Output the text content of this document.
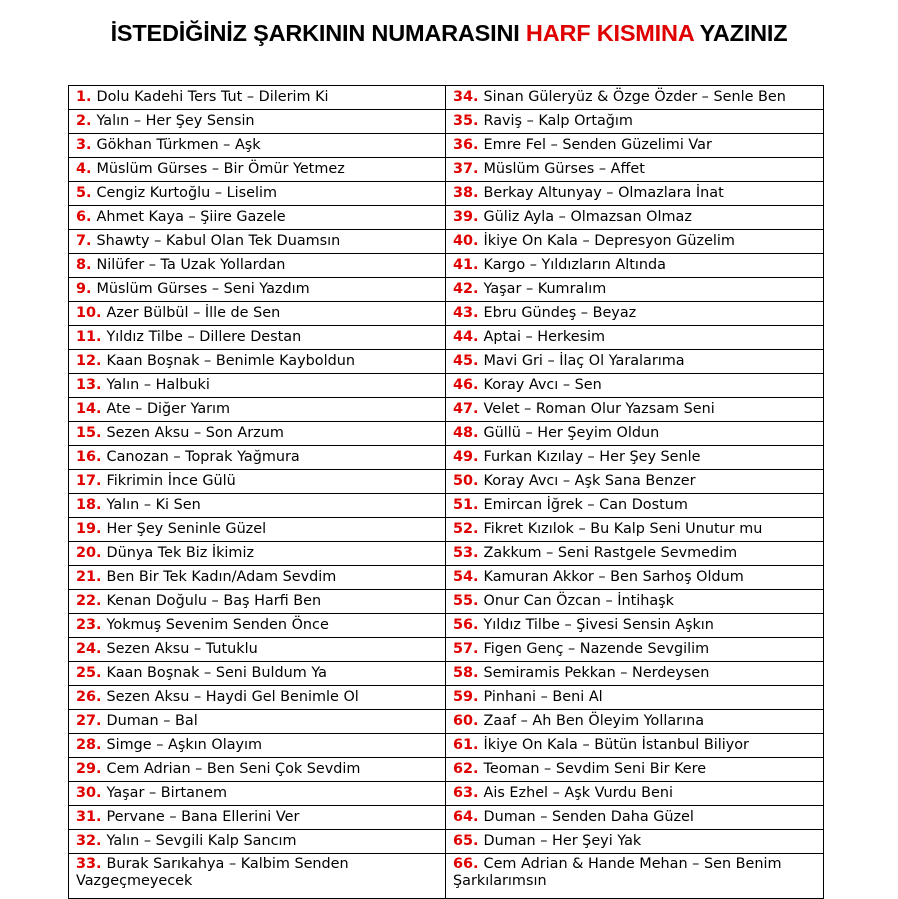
İSTEDİĞİNİZ ŞARKININ NUMARASINI HARF KISMINA YAZINIZ
1. Dolu Kadehi Ters Tut – Dilerim Ki	34. Sinan Güleryüz & Özge Özder – Senle Ben
2. Yalın – Her Şey Sensin	35. Raviş – Kalp Ortağım
3. Gökhan Türkmen – Aşk	36. Emre Fel – Senden Güzelimi Var
4. Müslüm Gürses – Bir Ömür Yetmez	37. Müslüm Gürses – Affet
5. Cengiz Kurtoğlu – Liselim	38. Berkay Altunyay – Olmazlara İnat
6. Ahmet Kaya – Şiire Gazele	39. Güliz Ayla – Olmazsan Olmaz
7. Shawty – Kabul Olan Tek Duamsın	40. İkiye On Kala – Depresyon Güzelim
8. Nilüfer – Ta Uzak Yollardan	41. Kargo – Yıldızların Altında
9. Müslüm Gürses – Seni Yazdım	42. Yaşar – Kumralım
10. Azer Bülbül – İlle de Sen	43. Ebru Gündeş – Beyaz
11. Yıldız Tilbe – Dillere Destan	44. Aptai – Herkesim
12. Kaan Boşnak – Benimle Kayboldun	45. Mavi Gri – İlaç Ol Yaralarıma
13. Yalın – Halbuki	46. Koray Avcı – Sen
14. Ate – Diğer Yarım	47. Velet – Roman Olur Yazsam Seni
15. Sezen Aksu – Son Arzum	48. Güllü – Her Şeyim Oldun
16. Canozan – Toprak Yağmura	49. Furkan Kızılay – Her Şey Senle
17. Fikrimin İnce Gülü	50. Koray Avcı – Aşk Sana Benzer
18. Yalın – Ki Sen	51. Emircan İğrek – Can Dostum
19. Her Şey Seninle Güzel	52. Fikret Kızılok – Bu Kalp Seni Unutur mu
20. Dünya Tek Biz İkimiz	53. Zakkum – Seni Rastgele Sevmedim
21. Ben Bir Tek Kadın/Adam Sevdim	54. Kamuran Akkor – Ben Sarhoş Oldum
22. Kenan Doğulu – Baş Harfi Ben	55. Onur Can Özcan – İntihaşk
23. Yokmuş Sevenim Senden Önce	56. Yıldız Tilbe – Şivesi Sensin Aşkın
24. Sezen Aksu – Tutuklu	57. Figen Genç – Nazende Sevgilim
25. Kaan Boşnak – Seni Buldum Ya	58. Semiramis Pekkan – Nerdeysen
26. Sezen Aksu – Haydi Gel Benimle Ol	59. Pinhani – Beni Al
27. Duman – Bal	60. Zaaf – Ah Ben Öleyim Yollarına
28. Simge – Aşkın Olayım	61. İkiye On Kala – Bütün İstanbul Biliyor
29. Cem Adrian – Ben Seni Çok Sevdim	62. Teoman – Sevdim Seni Bir Kere
30. Yaşar – Birtanem	63. Ais Ezhel – Aşk Vurdu Beni
31. Pervane – Bana Ellerini Ver	64. Duman – Senden Daha Güzel
32. Yalın – Sevgili Kalp Sancım	65. Duman – Her Şeyi Yak
33. Burak Sarıkahya – Kalbim Senden Vazgeçmeyecek	66. Cem Adrian & Hande Mehan – Sen Benim Şarkılarımsın
